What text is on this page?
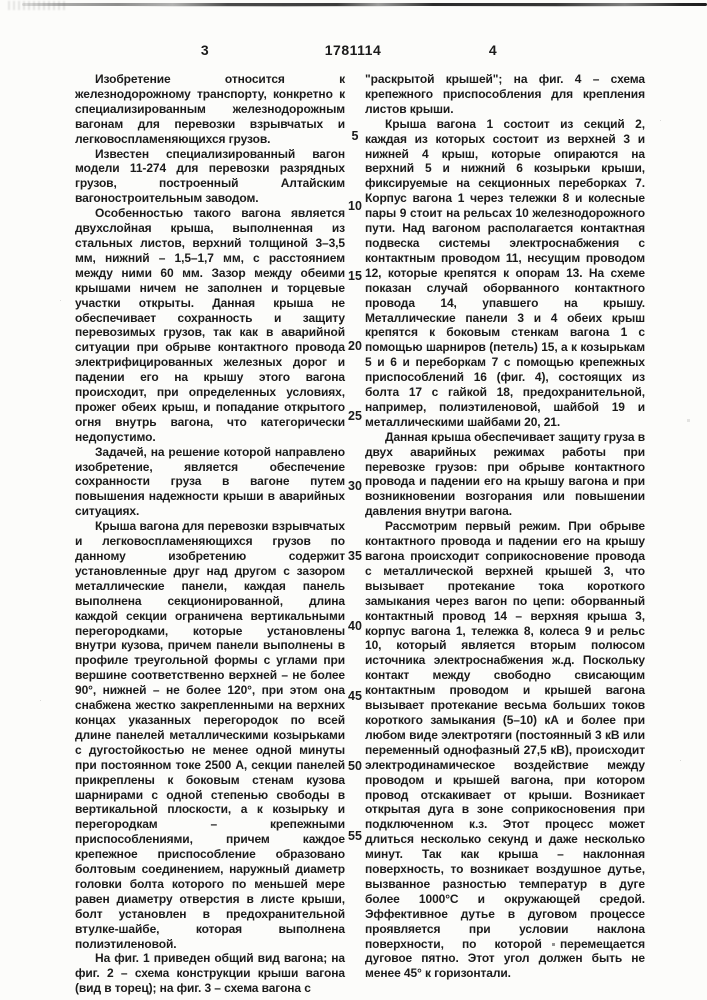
3	1781114	4

Изобретение относится к железнодорожному транспорту, конкретно к специализированным железнодорожным вагонам для перевозки взрывчатых и легковоспламеняющихся грузов.

Известен специализированный вагон модели 11-274 для перевозки разрядных грузов, построенный Алтайским вагоностроительным заводом.

Особенностью такого вагона является двухслойная крыша, выполненная из стальных листов, верхний толщиной 3–3,5 мм, нижний – 1,5–1,7 мм, с расстоянием между ними 60 мм. Зазор между обеими крышами ничем не заполнен и торцевые участки открыты. Данная крыша не обеспечивает сохранность и защиту перевозимых грузов, так как в аварийной ситуации при обрыве контактного провода электрифицированных железных дорог и падении его на крышу этого вагона происходит, при определенных условиях, прожег обеих крыш, и попадание открытого огня внутрь вагона, что категорически недопустимо.

Задачей, на решение которой направлено изобретение, является обеспечение сохранности груза в вагоне путем повышения надежности крыши в аварийных ситуациях.

Крыша вагона для перевозки взрывчатых и легковоспламеняющихся грузов по данному изобретению содержит установленные друг над другом с зазором металлические панели, каждая панель выполнена секционированной, длина каждой секции ограничена вертикальными перегородками, которые установлены внутри кузова, причем панели выполнены в профиле треугольной формы с углами при вершине соответственно верхней – не более 90°, нижней – не более 120°, при этом она снабжена жестко закрепленными на верхних концах указанных перегородок по всей длине панелей металлическими козырьками с дугостойкостью не менее одной минуты при постоянном токе 2500 А, секции панелей прикреплены к боковым стенам кузова шарнирами с одной степенью свободы в вертикальной плоскости, а к козырьку и перегородкам – крепежными приспособлениями, причем каждое крепежное приспособление образовано болтовым соединением, наружный диаметр головки болта которого по меньшей мере равен диаметру отверстия в листе крыши, болт установлен в предохранительной втулке-шайбе, которая выполнена полиэтиленовой.

На фиг. 1 приведен общий вид вагона; на фиг. 2 – схема конструкции крыши вагона (вид в торец); на фиг. 3 – схема вагона с

5
10
15
20
25
30
35
40
45
50
55

"раскрытой крышей"; на фиг. 4 – схема крепежного приспособления для крепления листов крыши.

Крыша вагона 1 состоит из секций 2, каждая из которых состоит из верхней 3 и нижней 4 крыш, которые опираются на верхний 5 и нижний 6 козырьки крыши, фиксируемые на секционных переборках 7. Корпус вагона 1 через тележки 8 и колесные пары 9 стоит на рельсах 10 железнодорожного пути. Над вагоном располагается контактная подвеска системы электроснабжения с контактным проводом 11, несущим проводом 12, которые крепятся к опорам 13. На схеме показан случай оборванного контактного провода 14, упавшего на крышу. Металлические панели 3 и 4 обеих крыш крепятся к боковым стенкам вагона 1 с помощью шарниров (петель) 15, а к козырькам 5 и 6 и переборкам 7 с помощью крепежных приспособлений 16 (фиг. 4), состоящих из болта 17 с гайкой 18, предохранительной, например, полиэтиленовой, шайбой 19 и металлическими шайбами 20, 21.

Данная крыша обеспечивает защиту груза в двух аварийных режимах работы при перевозке грузов: при обрыве контактного провода и падении его на крышу вагона и при возникновении возгорания или повышении давления внутри вагона.

Рассмотрим первый режим. При обрыве контактного провода и падении его на крышу вагона происходит соприкосновение провода с металлической верхней крышей 3, что вызывает протекание тока короткого замыкания через вагон по цепи: оборванный контактный провод 14 – верхняя крыша 3, корпус вагона 1, тележка 8, колеса 9 и рельс 10, который является вторым полюсом источника электроснабжения ж.д. Поскольку контакт между свободно свисающим контактным проводом и крышей вагона вызывает протекание весьма больших токов короткого замыкания (5–10) кА и более при любом виде электротяги (постоянный 3 кВ или переменный однофазный 27,5 кВ), происходит электродинамическое воздействие между проводом и крышей вагона, при котором провод отскакивает от крыши. Возникает открытая дуга в зоне соприкосновения при подключенном к.з. Этот процесс может длиться несколько секунд и даже несколько минут. Так как крыша – наклонная поверхность, то возникает воздушное дутье, вызванное разностью температур в дуге более 1000°С и окружающей средой. Эффективное дутье в дуговом процессе проявляется при условии наклона поверхности, по которой перемещается дуговое пятно. Этот угол должен быть не менее 45° к горизонтали.
